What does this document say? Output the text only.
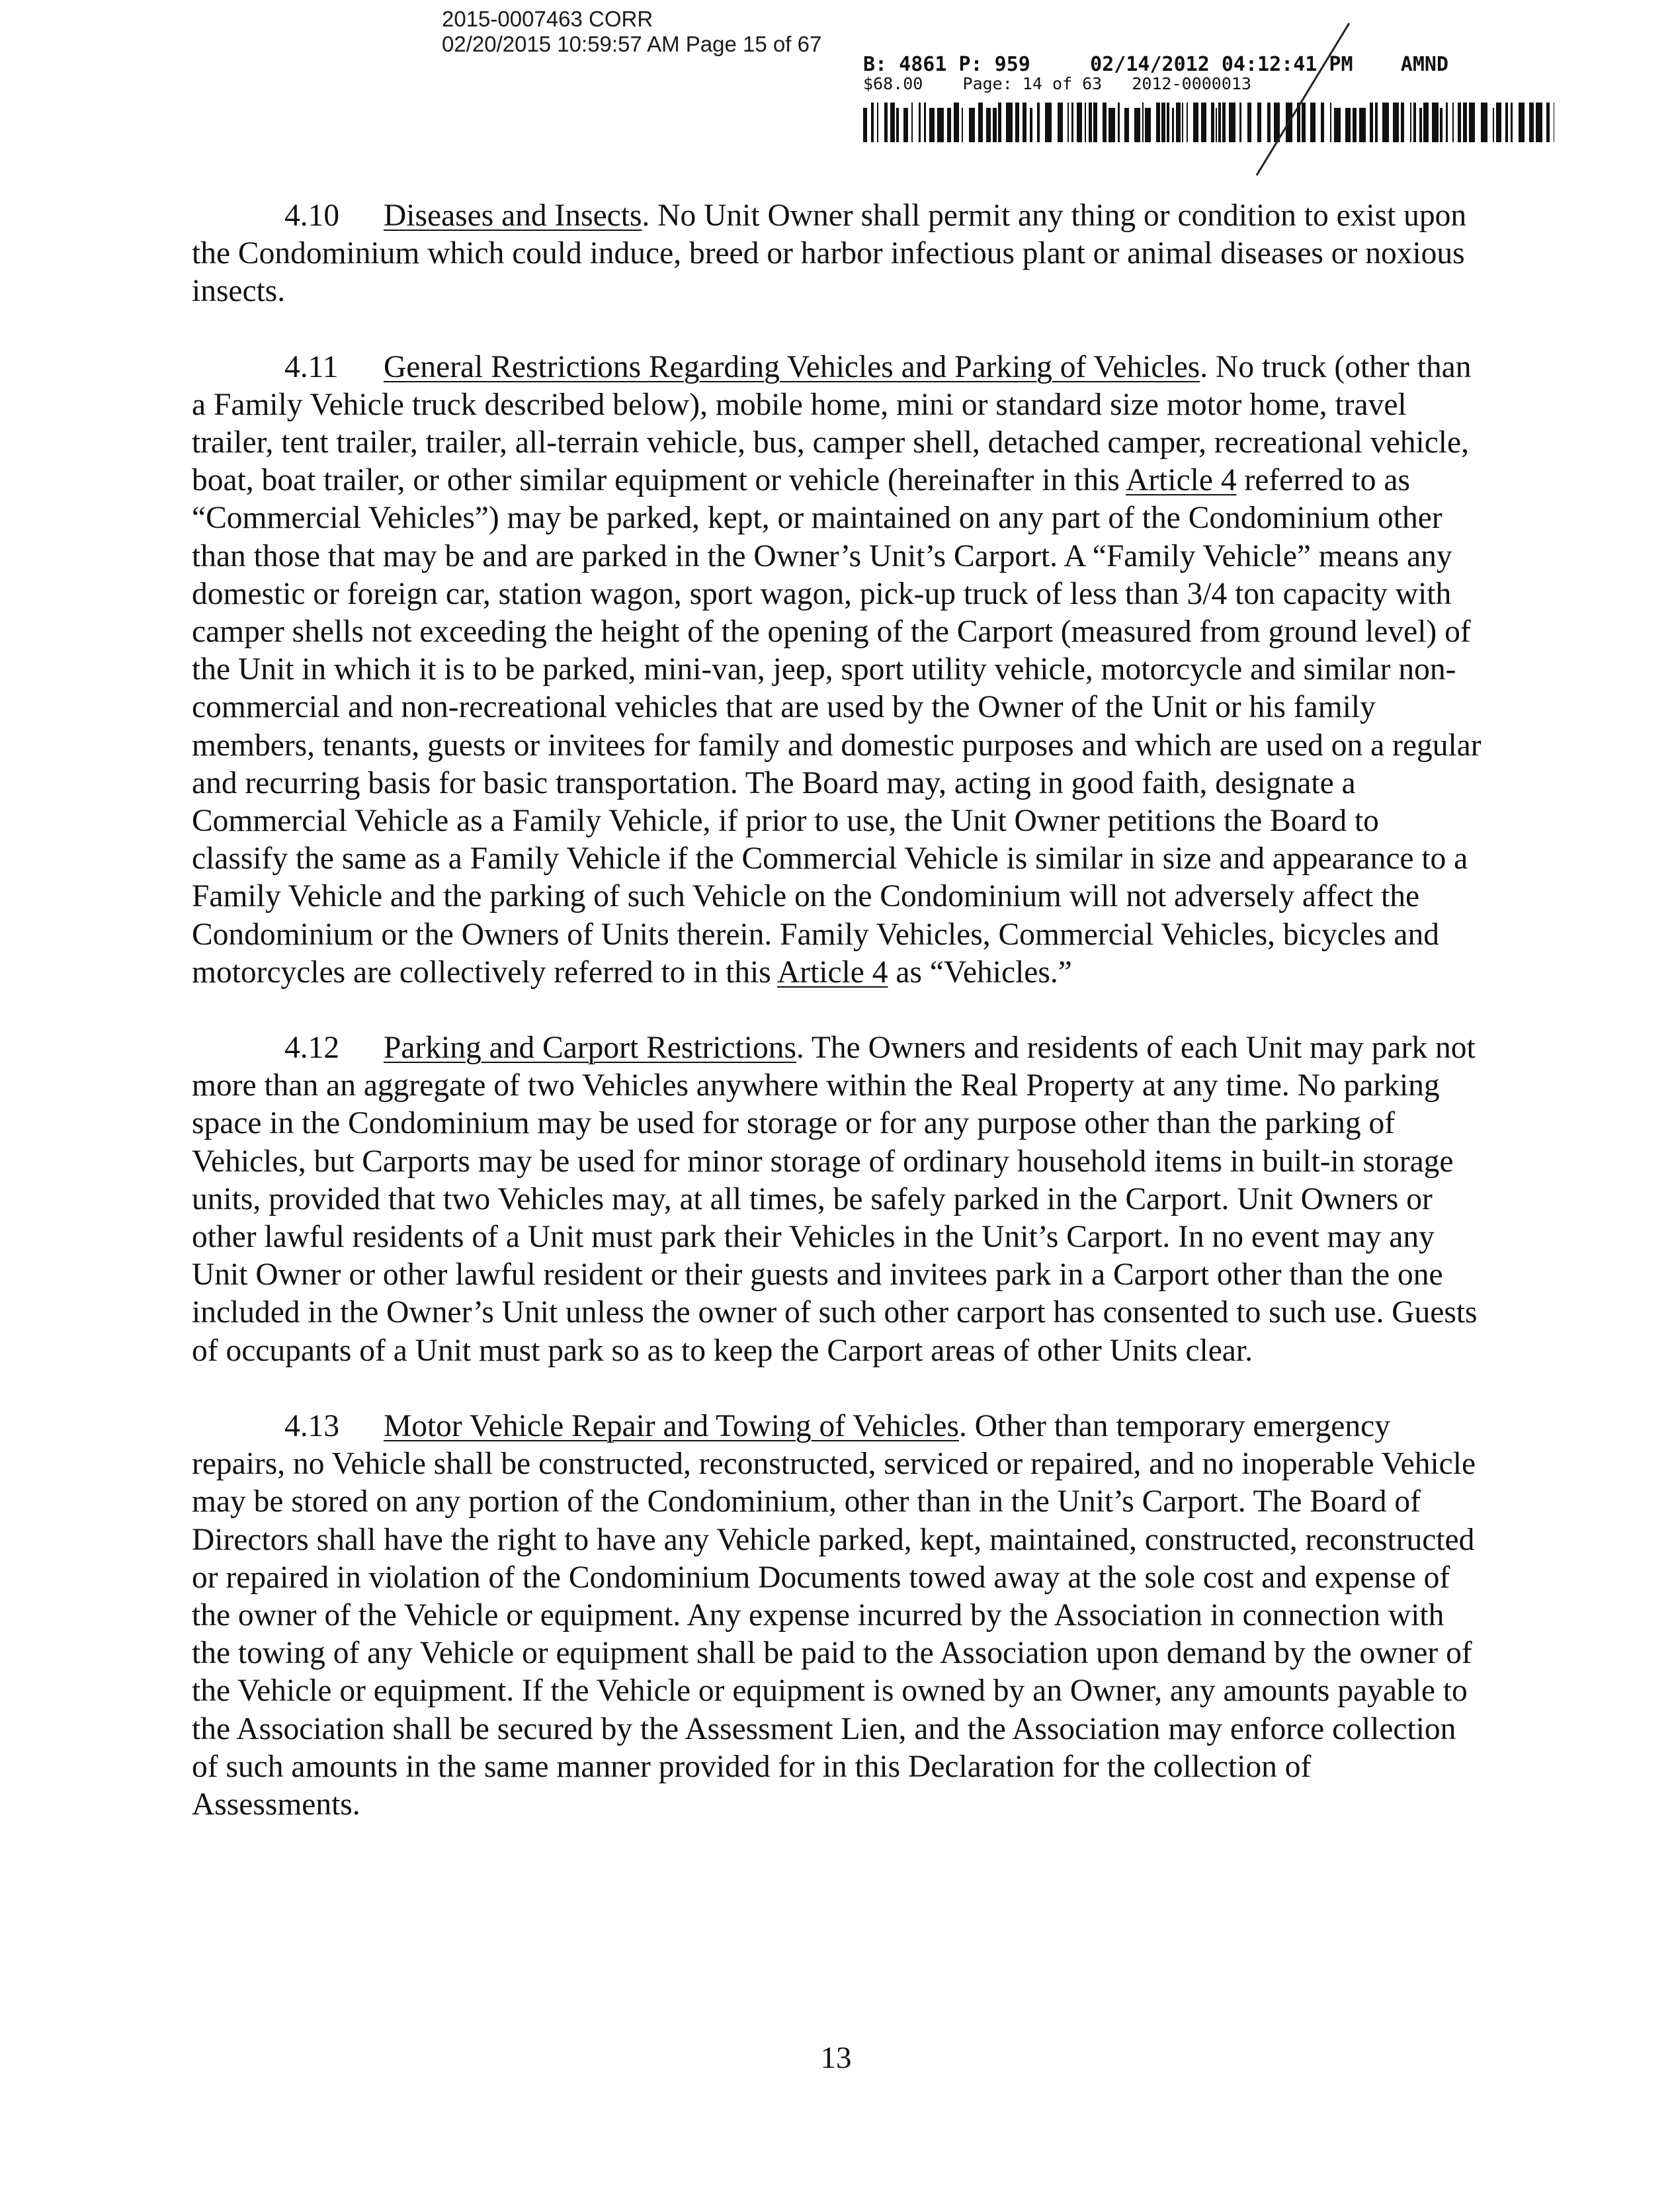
2015-0007463 CORR
02/20/2015 10:59:57 AM Page 15 of 67
B: 4861 P: 959     02/14/2012 04:12:41 PM    AMND
$68.00    Page: 14 of 63   2012-0000013

4.10 Diseases and Insects. No Unit Owner shall permit any thing or condition to exist upon the Condominium which could induce, breed or harbor infectious plant or animal diseases or noxious insects.

4.11 General Restrictions Regarding Vehicles and Parking of Vehicles. No truck (other than a Family Vehicle truck described below), mobile home, mini or standard size motor home, travel trailer, tent trailer, trailer, all-terrain vehicle, bus, camper shell, detached camper, recreational vehicle, boat, boat trailer, or other similar equipment or vehicle (hereinafter in this Article 4 referred to as “Commercial Vehicles”) may be parked, kept, or maintained on any part of the Condominium other than those that may be and are parked in the Owner’s Unit’s Carport. A “Family Vehicle” means any domestic or foreign car, station wagon, sport wagon, pick-up truck of less than 3/4 ton capacity with camper shells not exceeding the height of the opening of the Carport (measured from ground level) of the Unit in which it is to be parked, mini-van, jeep, sport utility vehicle, motorcycle and similar non-commercial and non-recreational vehicles that are used by the Owner of the Unit or his family members, tenants, guests or invitees for family and domestic purposes and which are used on a regular and recurring basis for basic transportation. The Board may, acting in good faith, designate a Commercial Vehicle as a Family Vehicle, if prior to use, the Unit Owner petitions the Board to classify the same as a Family Vehicle if the Commercial Vehicle is similar in size and appearance to a Family Vehicle and the parking of such Vehicle on the Condominium will not adversely affect the Condominium or the Owners of Units therein. Family Vehicles, Commercial Vehicles, bicycles and motorcycles are collectively referred to in this Article 4 as “Vehicles.”

4.12 Parking and Carport Restrictions. The Owners and residents of each Unit may park not more than an aggregate of two Vehicles anywhere within the Real Property at any time. No parking space in the Condominium may be used for storage or for any purpose other than the parking of Vehicles, but Carports may be used for minor storage of ordinary household items in built-in storage units, provided that two Vehicles may, at all times, be safely parked in the Carport. Unit Owners or other lawful residents of a Unit must park their Vehicles in the Unit’s Carport. In no event may any Unit Owner or other lawful resident or their guests and invitees park in a Carport other than the one included in the Owner’s Unit unless the owner of such other carport has consented to such use. Guests of occupants of a Unit must park so as to keep the Carport areas of other Units clear.

4.13 Motor Vehicle Repair and Towing of Vehicles. Other than temporary emergency repairs, no Vehicle shall be constructed, reconstructed, serviced or repaired, and no inoperable Vehicle may be stored on any portion of the Condominium, other than in the Unit’s Carport. The Board of Directors shall have the right to have any Vehicle parked, kept, maintained, constructed, reconstructed or repaired in violation of the Condominium Documents towed away at the sole cost and expense of the owner of the Vehicle or equipment. Any expense incurred by the Association in connection with the towing of any Vehicle or equipment shall be paid to the Association upon demand by the owner of the Vehicle or equipment. If the Vehicle or equipment is owned by an Owner, any amounts payable to the Association shall be secured by the Assessment Lien, and the Association may enforce collection of such amounts in the same manner provided for in this Declaration for the collection of Assessments.

13
